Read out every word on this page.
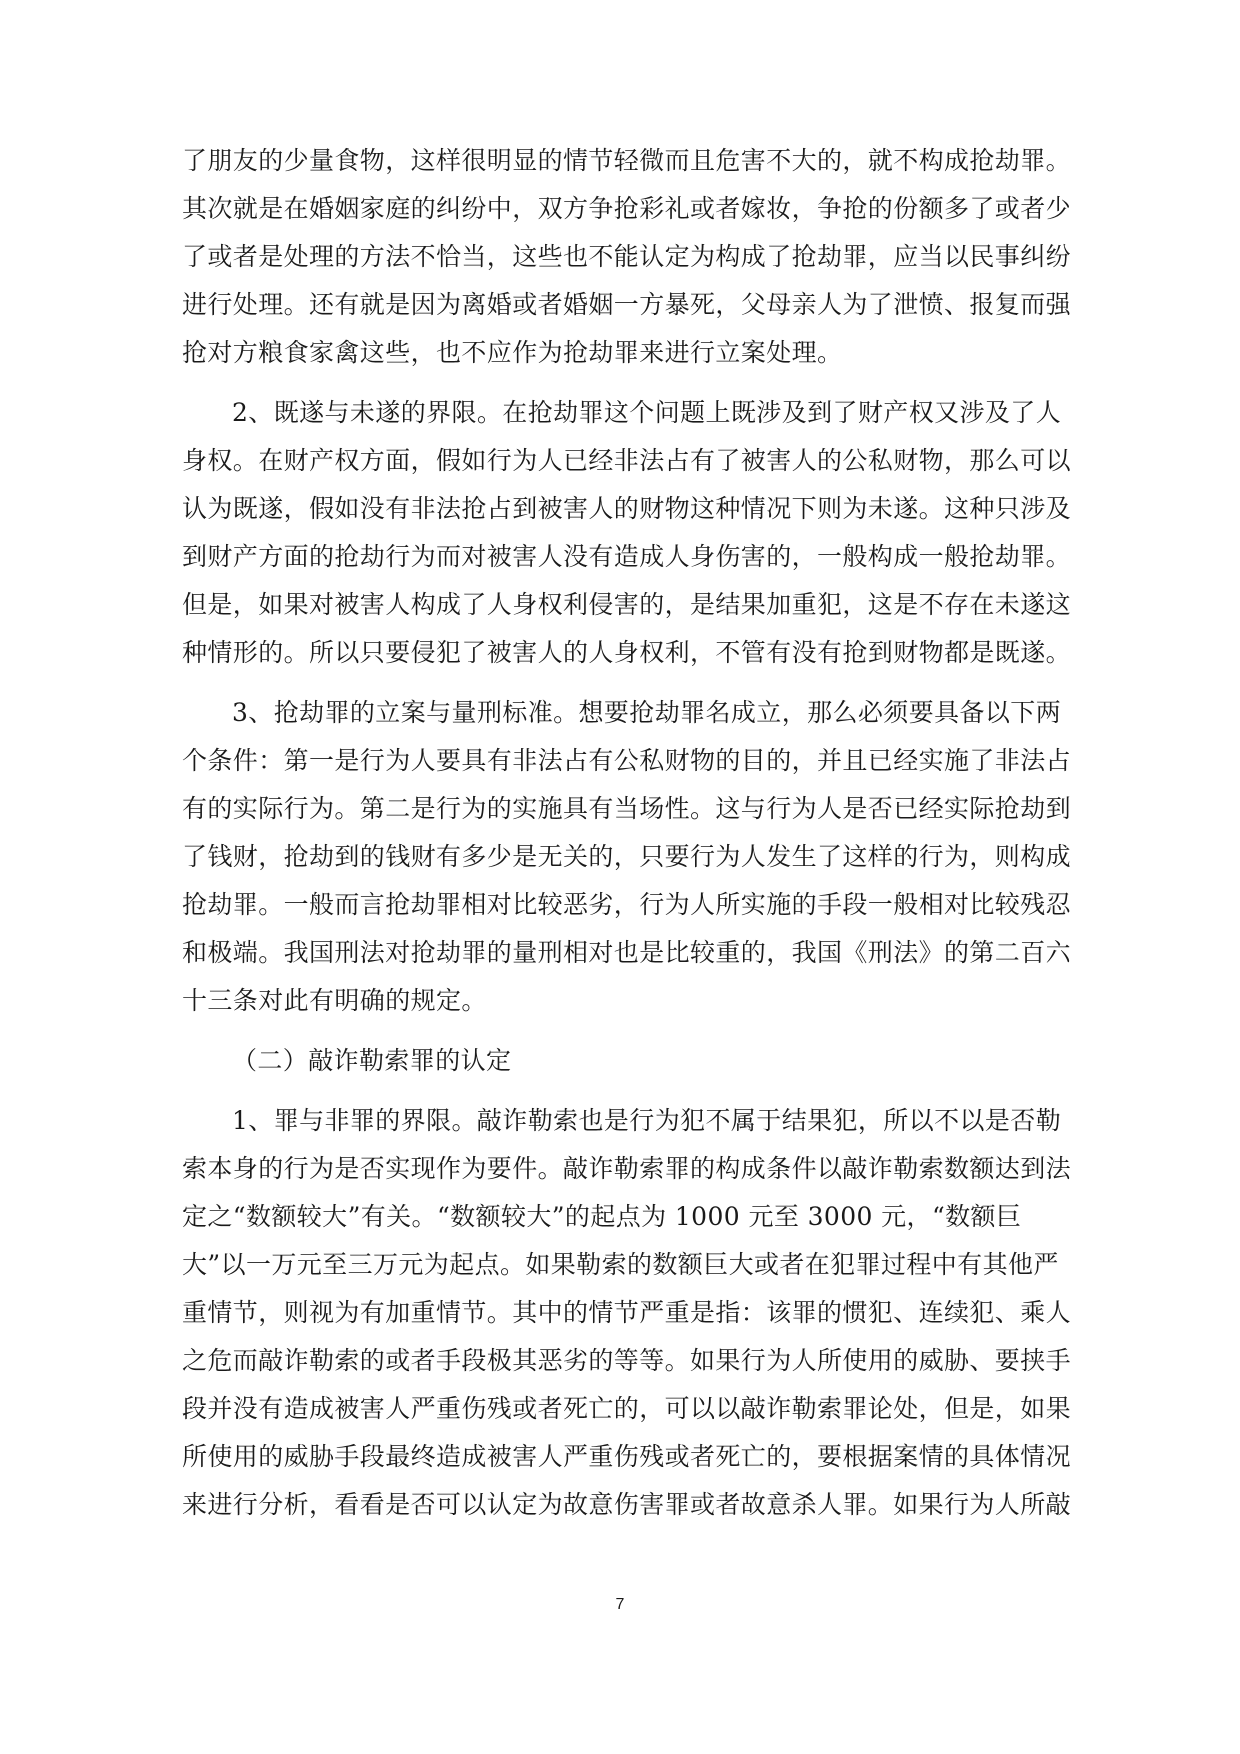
了朋友的少量食物，这样很明显的情节轻微而且危害不大的，就不构成抢劫罪。
其次就是在婚姻家庭的纠纷中，双方争抢彩礼或者嫁妆，争抢的份额多了或者少
了或者是处理的方法不恰当，这些也不能认定为构成了抢劫罪，应当以民事纠纷
进行处理。还有就是因为离婚或者婚姻一方暴死，父母亲人为了泄愤、报复而强
抢对方粮食家禽这些，也不应作为抢劫罪来进行立案处理。
2、既遂与未遂的界限。在抢劫罪这个问题上既涉及到了财产权又涉及了人
身权。在财产权方面，假如行为人已经非法占有了被害人的公私财物，那么可以
认为既遂，假如没有非法抢占到被害人的财物这种情况下则为未遂。这种只涉及
到财产方面的抢劫行为而对被害人没有造成人身伤害的，一般构成一般抢劫罪。
但是，如果对被害人构成了人身权利侵害的，是结果加重犯，这是不存在未遂这
种情形的。所以只要侵犯了被害人的人身权利，不管有没有抢到财物都是既遂。
3、抢劫罪的立案与量刑标准。想要抢劫罪名成立，那么必须要具备以下两
个条件：第一是行为人要具有非法占有公私财物的目的，并且已经实施了非法占
有的实际行为。第二是行为的实施具有当场性。这与行为人是否已经实际抢劫到
了钱财，抢劫到的钱财有多少是无关的，只要行为人发生了这样的行为，则构成
抢劫罪。一般而言抢劫罪相对比较恶劣，行为人所实施的手段一般相对比较残忍
和极端。我国刑法对抢劫罪的量刑相对也是比较重的，我国《刑法》的第二百六
十三条对此有明确的规定。
（二）敲诈勒索罪的认定
1、罪与非罪的界限。敲诈勒索也是行为犯不属于结果犯，所以不以是否勒
索本身的行为是否实现作为要件。敲诈勒索罪的构成条件以敲诈勒索数额达到法
定之“数额较大”有关。“数额较大”的起点为 1000 元至 3000 元，“数额巨
大”以一万元至三万元为起点。如果勒索的数额巨大或者在犯罪过程中有其他严
重情节，则视为有加重情节。其中的情节严重是指：该罪的惯犯、连续犯、乘人
之危而敲诈勒索的或者手段极其恶劣的等等。如果行为人所使用的威胁、要挟手
段并没有造成被害人严重伤残或者死亡的，可以以敲诈勒索罪论处，但是，如果
所使用的威胁手段最终造成被害人严重伤残或者死亡的，要根据案情的具体情况
来进行分析，看看是否可以认定为故意伤害罪或者故意杀人罪。如果行为人所敲
7
